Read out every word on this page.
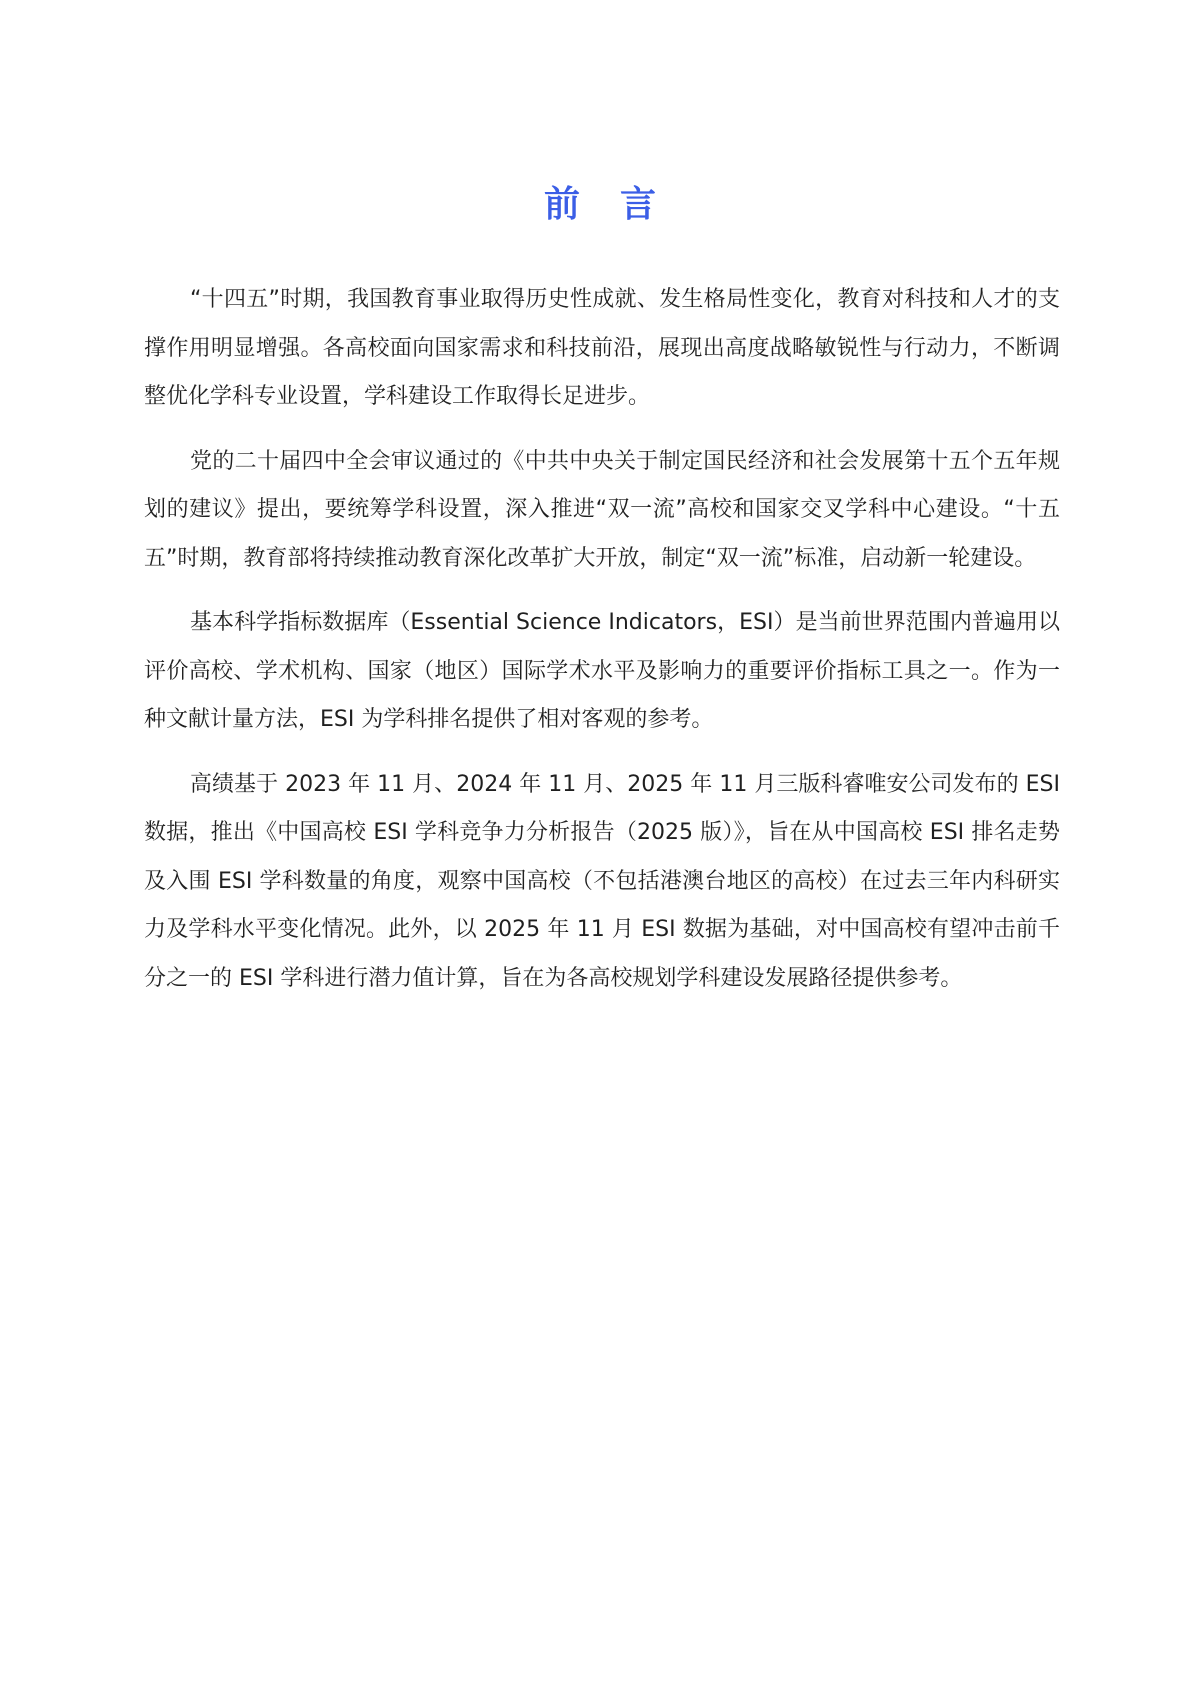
前 言

“十四五”时期，我国教育事业取得历史性成就、发生格局性变化，教育对科技和人才的支撑作用明显增强。各高校面向国家需求和科技前沿，展现出高度战略敏锐性与行动力，不断调整优化学科专业设置，学科建设工作取得长足进步。

党的二十届四中全会审议通过的《中共中央关于制定国民经济和社会发展第十五个五年规划的建议》提出，要统筹学科设置，深入推进“双一流”高校和国家交叉学科中心建设。“十五五”时期，教育部将持续推动教育深化改革扩大开放，制定“双一流”标准，启动新一轮建设。

基本科学指标数据库（Essential Science Indicators，ESI）是当前世界范围内普遍用以评价高校、学术机构、国家（地区）国际学术水平及影响力的重要评价指标工具之一。作为一种文献计量方法，ESI 为学科排名提供了相对客观的参考。

高绩基于 2023 年 11 月、2024 年 11 月、2025 年 11 月三版科睿唯安公司发布的 ESI 数据，推出《中国高校 ESI 学科竞争力分析报告（2025 版）》，旨在从中国高校 ESI 排名走势及入围 ESI 学科数量的角度，观察中国高校（不包括港澳台地区的高校）在过去三年内科研实力及学科水平变化情况。此外，以 2025 年 11 月 ESI 数据为基础，对中国高校有望冲击前千分之一的 ESI 学科进行潜力值计算，旨在为各高校规划学科建设发展路径提供参考。
